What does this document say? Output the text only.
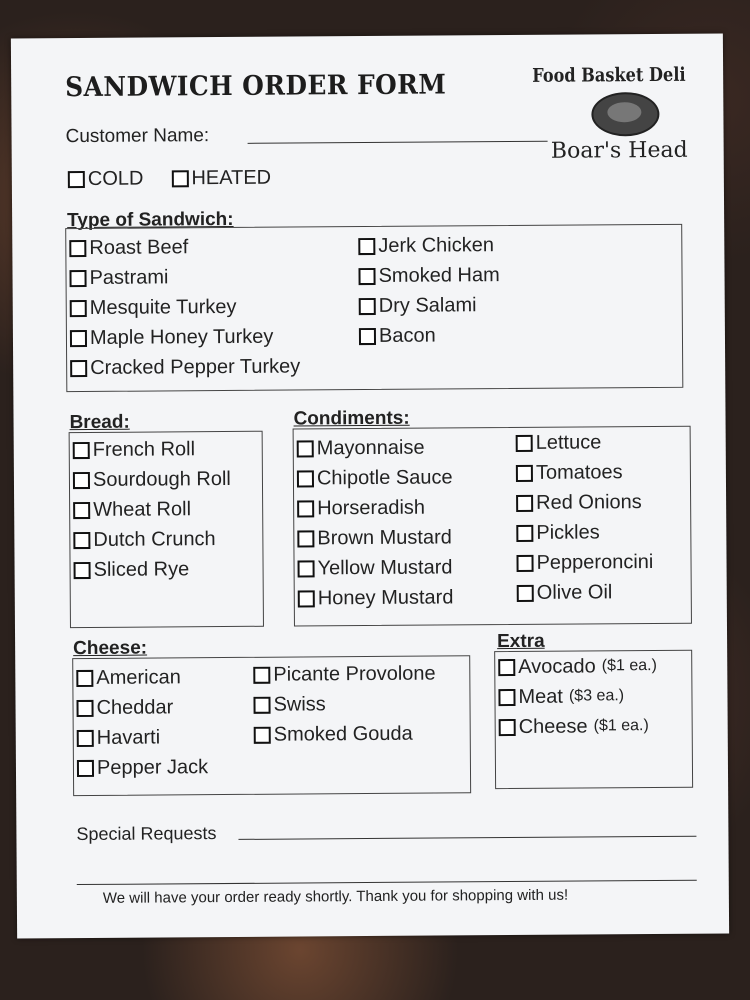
SANDWICH ORDER FORM	Food Basket Deli
Boar's Head
Customer Name:
COLD HEATED
Type of Sandwich:
Roast Beef
Pastrami
Mesquite Turkey
Maple Honey Turkey
Cracked Pepper Turkey
Jerk Chicken
Smoked Ham
Dry Salami
Bacon
Bread:
French Roll
Sourdough Roll
Wheat Roll
Dutch Crunch
Sliced Rye
Condiments:
Mayonnaise
Chipotle Sauce
Horseradish
Brown Mustard
Yellow Mustard
Honey Mustard
Lettuce
Tomatoes
Red Onions
Pickles
Pepperoncini
Olive Oil
Cheese:
American
Cheddar
Havarti
Pepper Jack
Picante Provolone
Swiss
Smoked Gouda
Extra
Avocado ($1 ea.)
Meat ($3 ea.)
Cheese ($1 ea.)
Special Requests
We will have your order ready shortly. Thank you for shopping with us!
